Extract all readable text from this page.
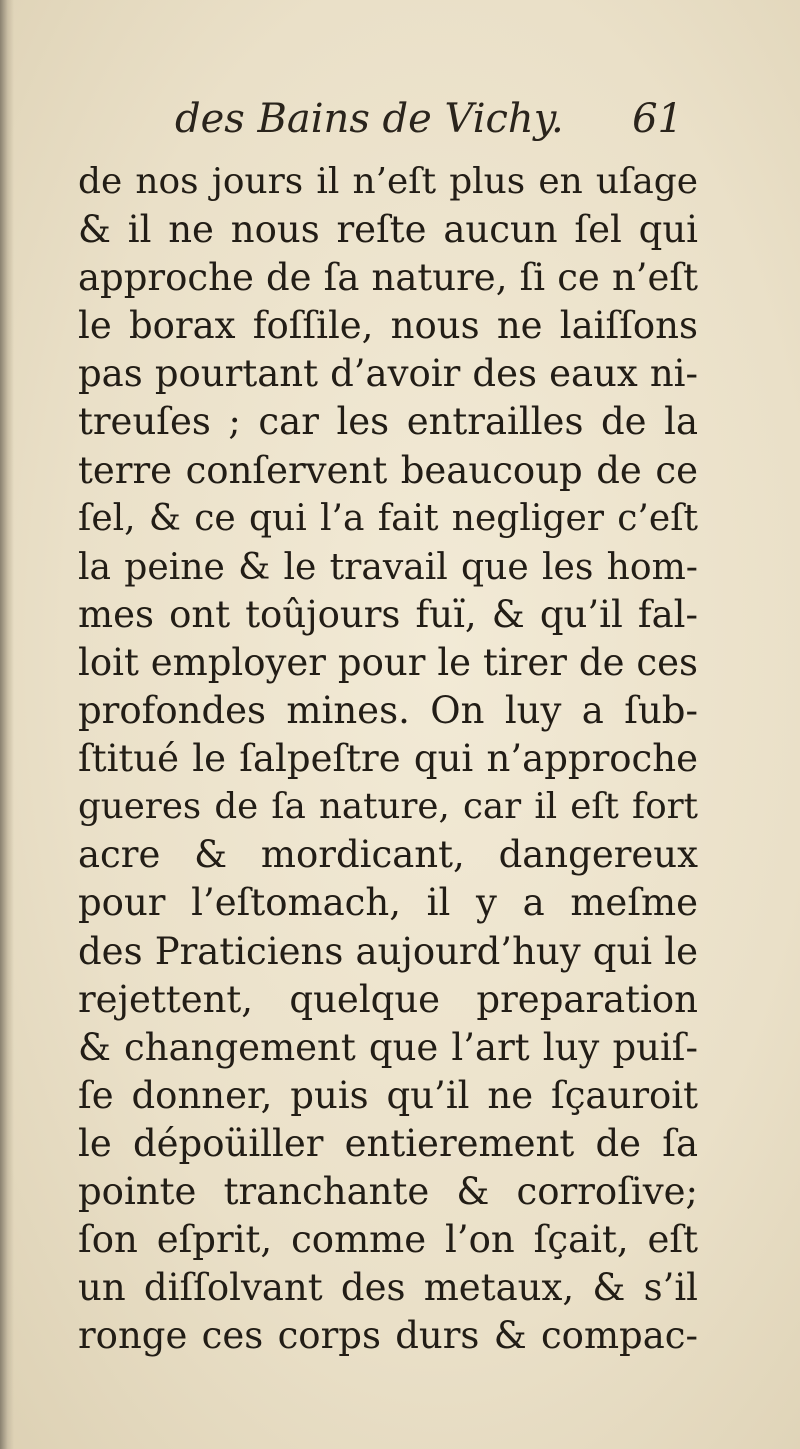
des Bains de Vichy. 61
de nos jours il n’eſt plus en uſage
& il ne nous reſte aucun ſel qui
approche de ſa nature, ſi ce n’eſt
le borax foſſile, nous ne laiſſons
pas pourtant d’avoir des eaux ni-
treuſes ; car les entrailles de la
terre conſervent beaucoup de ce
ſel, & ce qui l’a fait negliger c’eſt
la peine & le travail que les hom-
mes ont toûjours fuï, & qu’il fal-
loit employer pour le tirer de ces
profondes mines. On luy a ſub-
ſtitué le ſalpeſtre qui n’approche
gueres de ſa nature, car il eſt fort
acre & mordicant, dangereux
pour l’eſtomach, il y a meſme
des Praticiens aujourd’huy qui le
rejettent, quelque preparation
& changement que l’art luy puiſ-
ſe donner, puis qu’il ne ſçauroit
le dépoüiller entierement de ſa
pointe tranchante & corroſive;
ſon eſprit, comme l’on ſçait, eſt
un diſſolvant des metaux, & s’il
ronge ces corps durs & compac-
